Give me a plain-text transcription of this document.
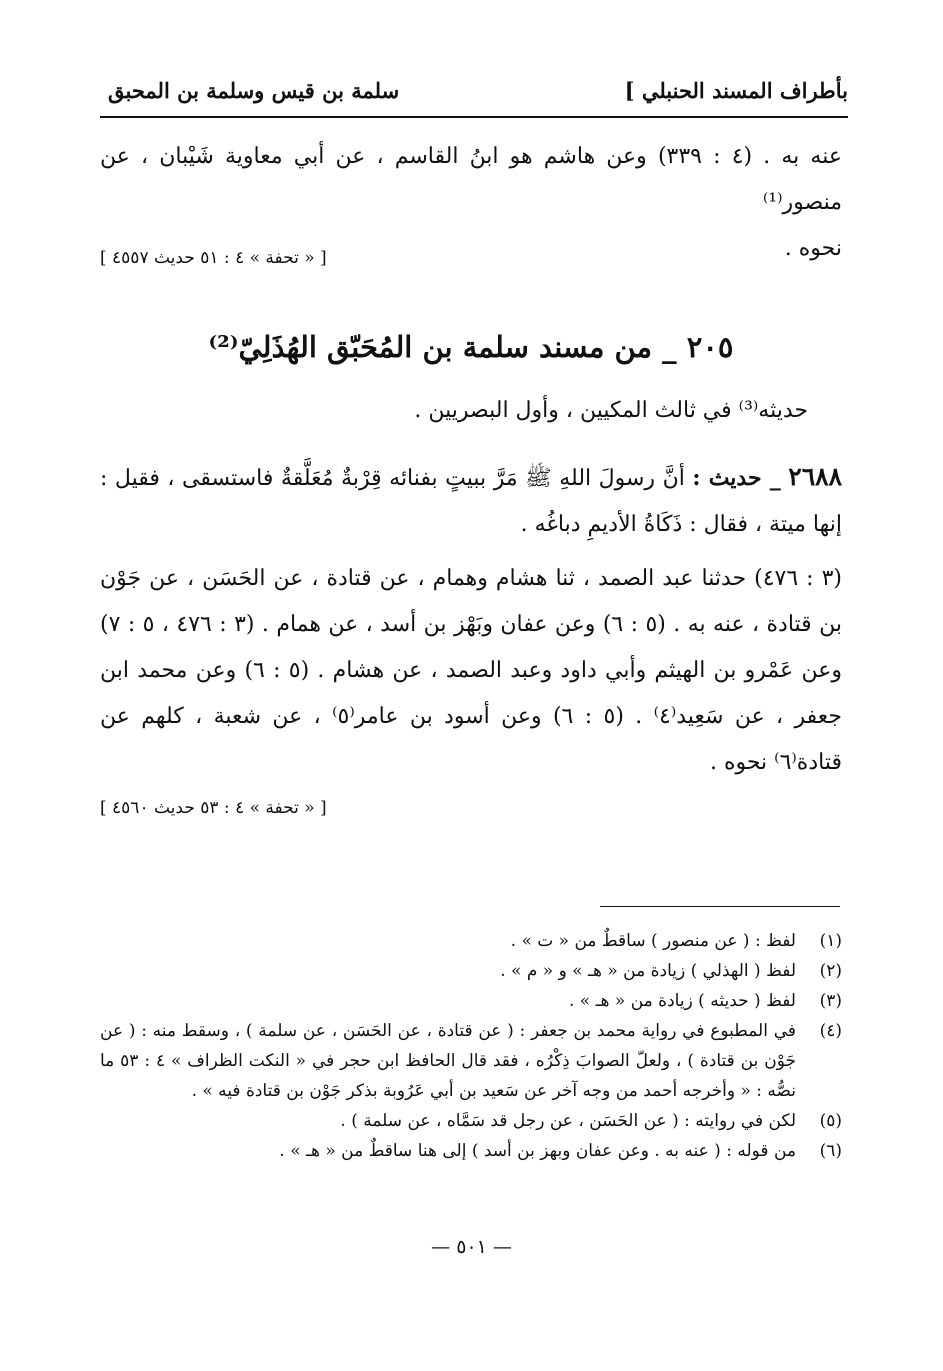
بأطراف المسند الحنبلي ]
سلمة بن قيس وسلمة بن المحبق

عنه به . (٤ : ٣٣٩) وعن هاشم هو ابنُ القاسم ، عن أبي معاوية شَيْبان ، عن منصور⁽¹⁾

نحوه .

[ « تحفة » ٤ : ٥١ حديث ٤٥٥٧ ]
٢٠٥ _ من مسند سلمة بن المُحَبّق الهُذَلِيّ⁽²⁾
حديثه⁽³⁾ في ثالث المكيين ، وأول البصريين .

٢٦٨٨ _ حديث : أنَّ رسولَ اللهِ ﷺ مَرَّ ببيتٍ بفنائه قِرْبةٌ مُعَلَّقةٌ فاستسقى ، فقيل : إنها ميتة ، فقال : ذَكَاةُ الأديمِ دباغُه .

(٣ : ٤٧٦) حدثنا عبد الصمد ، ثنا هشام وهمام ، عن قتادة ، عن الحَسَن ، عن جَوْن بن قتادة ، عنه به . (٥ : ٦) وعن عفان وبَهْز بن أسد ، عن همام . (٣ : ٤٧٦ ، ٥ : ٧) وعن عَمْرو بن الهيثم وأبي داود وعبد الصمد ، عن هشام . (٥ : ٦) وعن محمد ابن جعفر ، عن سَعِيد⁽٤⁾ . (٥ : ٦) وعن أسود بن عامر⁽٥⁾ ، عن شعبة ، كلهم عن قتادة⁽٦⁾ نحوه .

[ « تحفة » ٤ : ٥٣ حديث ٤٥٦٠ ]
(١)
لفظ : ( عن منصور ) ساقطٌ من « ت » .
(٢)
لفظ ( الهذلي ) زيادة من « هـ » و « م » .
(٣)
لفظ ( حديثه ) زيادة من « هـ » .
(٤)
في المطبوع في رواية محمد بن جعفر : ( عن قتادة ، عن الحَسَن ، عن سلمة ) ، وسقط منه : ( عن جَوْن بن قتادة ) ، ولعلّ الصوابَ ذِكْرُه ، فقد قال الحافظ ابن حجر في « النكت الظراف » ٤ : ٥٣ ما نصُّه : « وأخرجه أحمد من وجه آخر عن سَعيد بن أبي عَرُوبة بذكر جَوْن بن قتادة فيه » .
(٥)
لكن في روايته : ( عن الحَسَن ، عن رجل قد سَمَّاه ، عن سلمة ) .
(٦)
من قوله : ( عنه به . وعن عفان وبهز بن أسد ) إلى هنا ساقطٌ من « هـ » .
— ٥٠١ —
